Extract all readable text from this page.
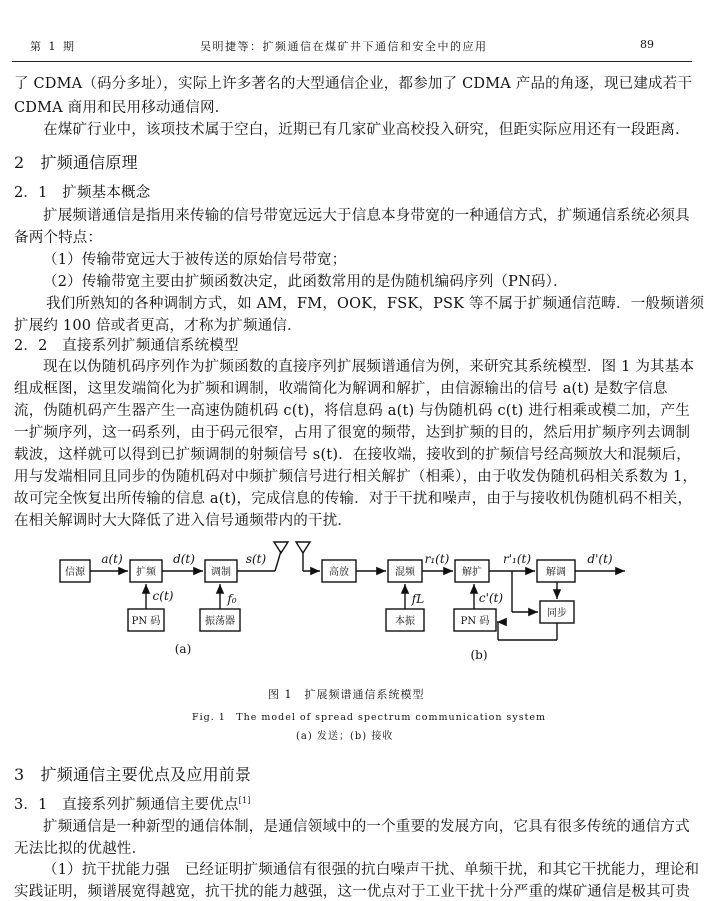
第 1 期	吴明捷等：扩频通信在煤矿井下通信和安全中的应用	89
了 CDMA（码分多址），实际上许多著名的大型通信企业，都参加了 CDMA 产品的角逐，现已建成若干
CDMA 商用和民用移动通信网．
在煤矿行业中，该项技术属于空白，近期已有几家矿业高校投入研究，但距实际应用还有一段距离．
2　扩频通信原理
2．1　扩频基本概念
扩展频谱通信是指用来传输的信号带宽远远大于信息本身带宽的一种通信方式，扩频通信系统必须具
备两个特点：
（1）传输带宽远大于被传送的原始信号带宽；
（2）传输带宽主要由扩频函数决定，此函数常用的是伪随机编码序列（PN码）．
我们所熟知的各种调制方式，如 AM，FM，OOK，FSK，PSK 等不属于扩频通信范畴．一般频谱须
扩展约 100 倍或者更高，才称为扩频通信．
2．2　直接系列扩频通信系统模型
现在以伪随机码序列作为扩频函数的直接序列扩展频谱通信为例，来研究其系统模型．图 1 为其基本
组成框图，这里发端简化为扩频和调制，收端简化为解调和解扩，由信源输出的信号 a(t) 是数字信息
流，伪随机码产生器产生一高速伪随机码 c(t)，将信息码 a(t) 与伪随机码 c(t) 进行相乘或模二加，产生
一扩频序列，这一码系列，由于码元很窄，占用了很宽的频带，达到扩频的目的，然后用扩频序列去调制
载波，这样就可以得到已扩频调制的射频信号 s(t)．在接收端，接收到的扩频信号经高频放大和混频后，
用与发端相同且同步的伪随机码对中频扩频信号进行相关解扩（相乘），由于收发伪随机码相关系数为 1，
故可完全恢复出所传输的信息 a(t)，完成信息的传输．对于干扰和噪声，由于与接收机伪随机码不相关，
在相关解调时大大降低了进入信号通频带内的干扰．
信源	扩频	调制
PN 码	振荡器
高放	混频	解扩	解调
本振	PN 码
同步
a(t)
c(t)
d(t)	s(t)
f₀
r₁(t)	r'₁(t)	d'(t)
fL	c'(t)
(a)	(b)
图 1　扩展频谱通信系统模型
Fig. 1　The model of spread spectrum communication system
(a) 发送；(b) 接收
3　扩频通信主要优点及应用前景
3．1　直接系列扩频通信主要优点[1]
扩频通信是一种新型的通信体制，是通信领域中的一个重要的发展方向，它具有很多传统的通信方式
无法比拟的优越性．
（1）抗干扰能力强　已经证明扩频通信有很强的抗白噪声干扰、单频干扰，和其它干扰能力，理论和
实践证明，频谱展宽得越宽，抗干扰的能力越强，这一优点对于工业干扰十分严重的煤矿通信是极其可贵
